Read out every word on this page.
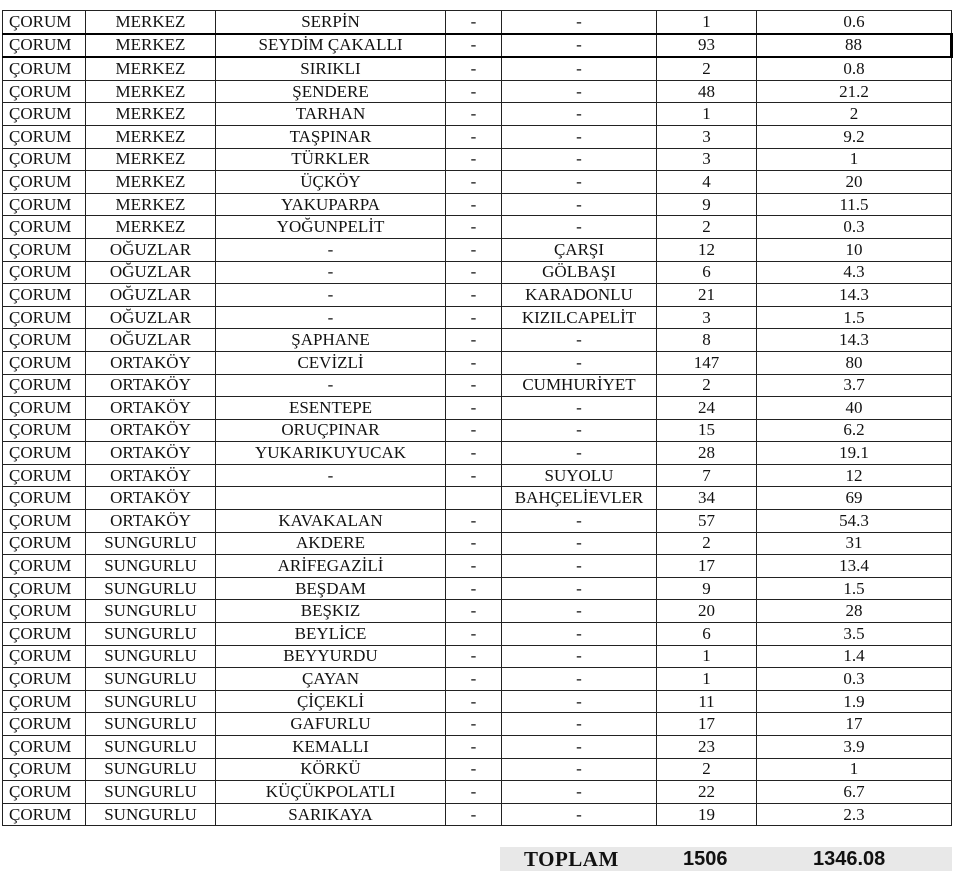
ÇORUM	MERKEZ	SERPİN	-	-	1	0.6
ÇORUM	MERKEZ	SEYDİM ÇAKALLI	-	-	93	88
ÇORUM	MERKEZ	SIRIKLI	-	-	2	0.8
ÇORUM	MERKEZ	ŞENDERE	-	-	48	21.2
ÇORUM	MERKEZ	TARHAN	-	-	1	2
ÇORUM	MERKEZ	TAŞPINAR	-	-	3	9.2
ÇORUM	MERKEZ	TÜRKLER	-	-	3	1
ÇORUM	MERKEZ	ÜÇKÖY	-	-	4	20
ÇORUM	MERKEZ	YAKUPARPA	-	-	9	11.5
ÇORUM	MERKEZ	YOĞUNPELİT	-	-	2	0.3
ÇORUM	OĞUZLAR	-	-	ÇARŞI	12	10
ÇORUM	OĞUZLAR	-	-	GÖLBAŞI	6	4.3
ÇORUM	OĞUZLAR	-	-	KARADONLU	21	14.3
ÇORUM	OĞUZLAR	-	-	KIZILCAPELİT	3	1.5
ÇORUM	OĞUZLAR	ŞAPHANE	-	-	8	14.3
ÇORUM	ORTAKÖY	CEVİZLİ	-	-	147	80
ÇORUM	ORTAKÖY	-	-	CUMHURİYET	2	3.7
ÇORUM	ORTAKÖY	ESENTEPE	-	-	24	40
ÇORUM	ORTAKÖY	ORUÇPINAR	-	-	15	6.2
ÇORUM	ORTAKÖY	YUKARIKUYUCAK	-	-	28	19.1
ÇORUM	ORTAKÖY	-	-	SUYOLU	7	12
ÇORUM	ORTAKÖY			BAHÇELİEVLER	34	69
ÇORUM	ORTAKÖY	KAVAKALAN	-	-	57	54.3
ÇORUM	SUNGURLU	AKDERE	-	-	2	31
ÇORUM	SUNGURLU	ARİFEGAZİLİ	-	-	17	13.4
ÇORUM	SUNGURLU	BEŞDAM	-	-	9	1.5
ÇORUM	SUNGURLU	BEŞKIZ	-	-	20	28
ÇORUM	SUNGURLU	BEYLİCE	-	-	6	3.5
ÇORUM	SUNGURLU	BEYYURDU	-	-	1	1.4
ÇORUM	SUNGURLU	ÇAYAN	-	-	1	0.3
ÇORUM	SUNGURLU	ÇİÇEKLİ	-	-	11	1.9
ÇORUM	SUNGURLU	GAFURLU	-	-	17	17
ÇORUM	SUNGURLU	KEMALLI	-	-	23	3.9
ÇORUM	SUNGURLU	KÖRKÜ	-	-	2	1
ÇORUM	SUNGURLU	KÜÇÜKPOLATLI	-	-	22	6.7
ÇORUM	SUNGURLU	SARIKAYA	-	-	19	2.3
TOPLAM	1506	1346.08
